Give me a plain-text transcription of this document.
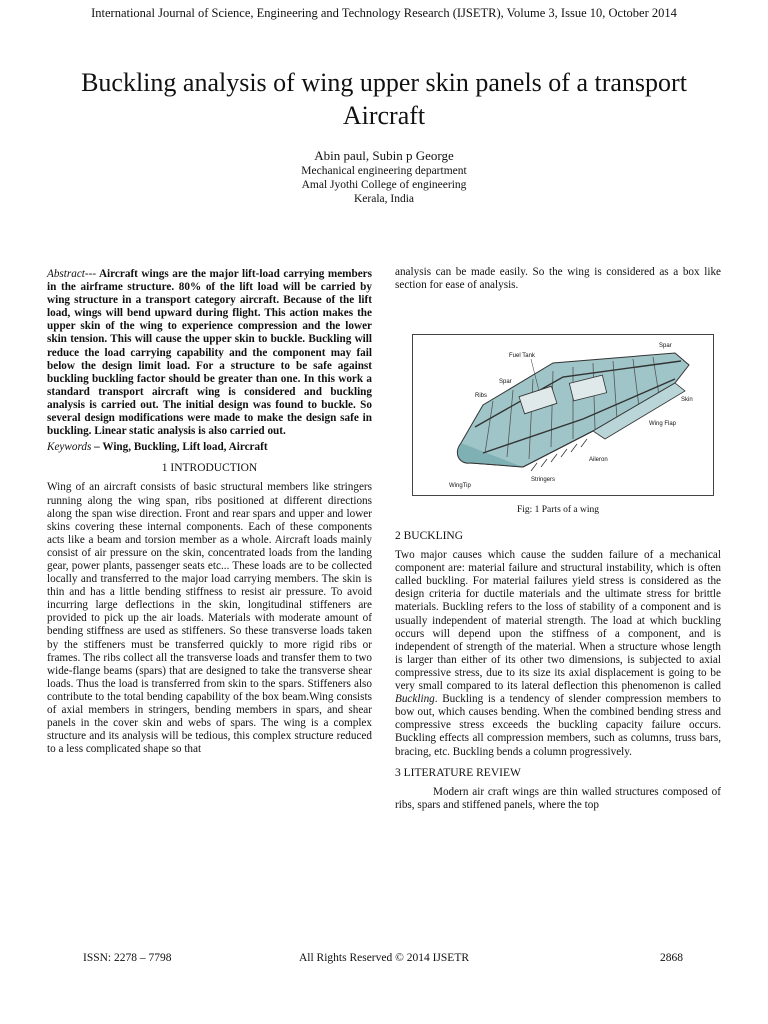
International Journal of Science, Engineering and Technology Research (IJSETR), Volume 3, Issue 10, October 2014
Buckling analysis of wing upper skin panels of a transport Aircraft
Abin paul, Subin p George
Mechanical engineering department
Amal Jyothi College of engineering
Kerala, India

Abstract--- Aircraft wings are the major lift-load carrying members in the airframe structure. 80% of the lift load will be carried by wing structure in a transport category aircraft. Because of the lift load, wings will bend upward during flight. This action makes the upper skin of the wing to experience compression and the lower skin tension. This will cause the upper skin to buckle. Buckling will reduce the load carrying capability and the component may fail below the design limit load. For a structure to be safe against buckling buckling factor should be greater than one. In this work a standard transport aircraft wing is considered and buckling analysis is carried out. The initial design was found to buckle. So several design modifications were made to make the design safe in buckling. Linear static analysis is also carried out.

Keywords – Wing, Buckling, Lift load, Aircraft

1 INTRODUCTION

Wing of an aircraft consists of basic structural members like stringers running along the wing span, ribs positioned at different directions along the span wise direction. Front and rear spars and upper and lower skins covering these internal components. Each of these components acts like a beam and torsion member as a whole. Aircraft loads mainly consist of air pressure on the skin, concentrated loads from the landing gear, power plants, passenger seats etc... These loads are to be collected locally and transferred to the major load carrying members. The skin is thin and has a little bending stiffness to resist air pressure. To avoid incurring large deflections in the skin, longitudinal stiffeners are provided to pick up the air loads. Materials with moderate amount of bending stiffness are used as stiffeners. So these transverse loads taken by the stiffeners must be transferred quickly to more rigid ribs or frames. The ribs collect all the transverse loads and transfer them to two wide-flange beams (spars) that are designed to take the transverse shear loads. Thus the load is transferred from skin to the spars. Stiffeners also contribute to the total bending capability of the box beam.Wing consists of axial members in stringers, bending members in spars, and shear panels in the cover skin and webs of spars. The wing is a complex structure and its analysis will be tedious, this complex structure reduced to a less complicated shape so that

analysis can be made easily. So the wing is considered as a box like section for ease of analysis.

Fuel Tank
Spar
Spar
Ribs
Skin
Wing Flap
Aileron
Stringers
WingTip
Fig: 1 Parts of a wing

2 BUCKLING

Two major causes which cause the sudden failure of a mechanical component are: material failure and structural instability, which is often called buckling. For material failures yield stress is considered as the design criteria for ductile materials and the ultimate stress for brittle materials. Buckling refers to the loss of stability of a component and is usually independent of material strength. The load at which buckling occurs will depend upon the stiffness of a component, and is independent of strength of the material. When a structure whose length is larger than either of its other two dimensions, is subjected to axial compressive stress, due to its size its axial displacement is going to be very small compared to its lateral deflection this phenomenon is called Buckling. Buckling is a tendency of slender compression members to bow out, which causes bending. When the combined bending stress and compressive stress exceeds the buckling capacity failure occurs. Buckling effects all compression members, such as columns, truss bars, bracing, etc. Buckling bends a column progressively.

3 LITERATURE REVIEW

Modern air craft wings are thin walled structures composed of ribs, spars and stiffened panels, where the top

ISSN: 2278 – 7798	All Rights Reserved © 2014 IJSETR	2868
